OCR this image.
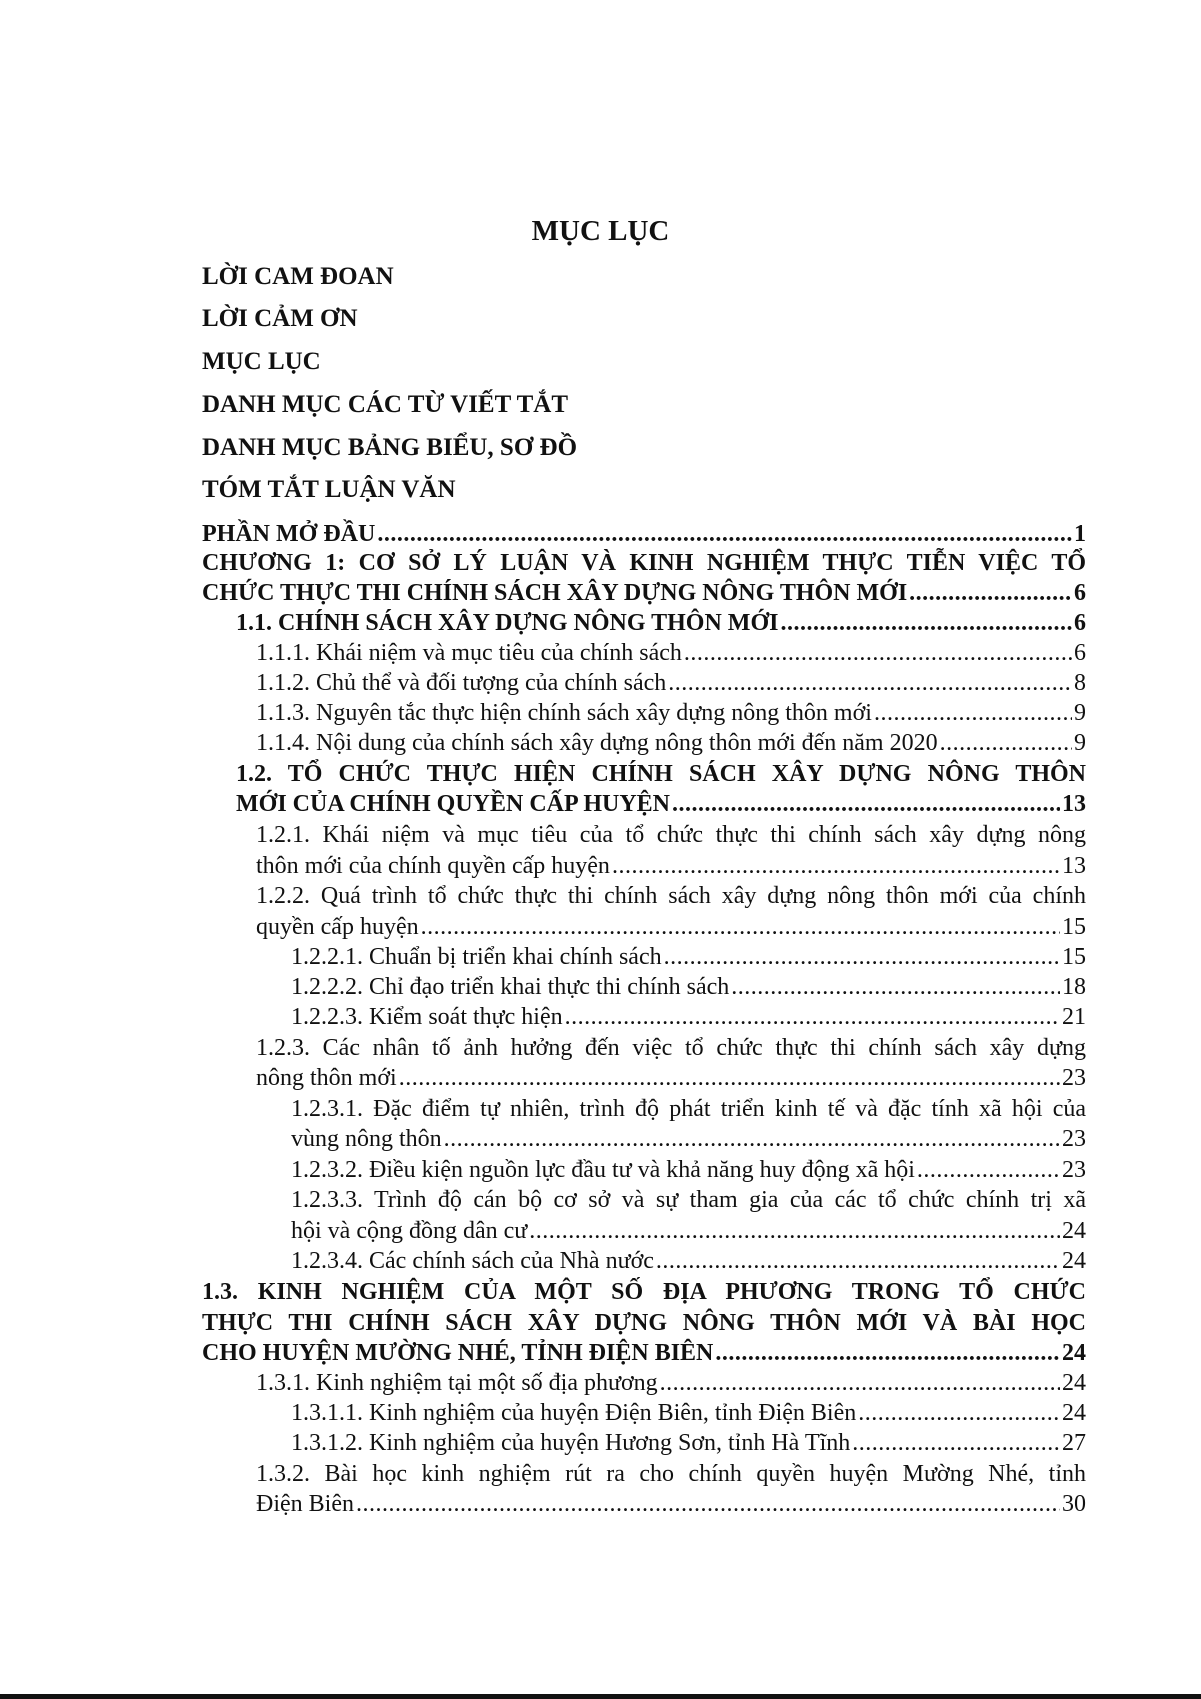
MỤC LỤC
LỜI CAM ĐOAN
LỜI CẢM ƠN
MỤC LỤC
DANH MỤC CÁC TỪ VIẾT TẮT
DANH MỤC BẢNG BIỂU, SƠ ĐỒ
TÓM TẮT LUẬN VĂN
PHẦN MỞ ĐẦU .....	1
CHƯƠNG 1: CƠ SỞ LÝ LUẬN VÀ KINH NGHIỆM THỰC TIỄN VIỆC TỔ
CHỨC THỰC THI CHÍNH SÁCH XÂY DỰNG NÔNG THÔN MỚI .....	6
1.1. CHÍNH SÁCH XÂY DỰNG NÔNG THÔN MỚI .....	6
1.1.1. Khái niệm và mục tiêu của chính sách .....	6
1.1.2. Chủ thể và đối tượng của chính sách .....	8
1.1.3. Nguyên tắc thực hiện chính sách xây dựng nông thôn mới .....	9
1.1.4. Nội dung của chính sách xây dựng nông thôn mới đến năm 2020 .....	9
1.2. TỔ CHỨC THỰC HIỆN CHÍNH SÁCH XÂY DỰNG NÔNG THÔN
MỚI CỦA CHÍNH QUYỀN CẤP HUYỆN .....	13
1.2.1. Khái niệm và mục tiêu của tổ chức thực thi chính sách xây dựng nông
thôn mới của chính quyền cấp huyện .....	13
1.2.2. Quá trình tổ chức thực thi chính sách xây dựng nông thôn mới của chính
quyền cấp huyện .....	15
1.2.2.1. Chuẩn bị triển khai chính sách .....	15
1.2.2.2. Chỉ đạo triển khai thực thi chính sách .....	18
1.2.2.3. Kiểm soát thực hiện .....	21
1.2.3. Các nhân tố ảnh hưởng đến việc tổ chức thực thi chính sách xây dựng
nông thôn mới .....	23
1.2.3.1. Đặc điểm tự nhiên, trình độ phát triển kinh tế và đặc tính xã hội của
vùng nông thôn .....	23
1.2.3.2. Điều kiện nguồn lực đầu tư và khả năng huy động xã hội .....	23
1.2.3.3. Trình độ cán bộ cơ sở và sự tham gia của các tổ chức chính trị xã
hội và cộng đồng dân cư .....	24
1.2.3.4. Các chính sách của Nhà nước .....	24
1.3. KINH NGHIỆM CỦA MỘT SỐ ĐỊA PHƯƠNG TRONG TỔ CHỨC
THỰC THI CHÍNH SÁCH XÂY DỰNG NÔNG THÔN MỚI VÀ BÀI HỌC
CHO HUYỆN MƯỜNG NHÉ, TỈNH ĐIỆN BIÊN .....	24
1.3.1. Kinh nghiệm tại một số địa phương .....	24
1.3.1.1. Kinh nghiệm của huyện Điện Biên, tỉnh Điện Biên .....	24
1.3.1.2. Kinh nghiệm của huyện Hương Sơn, tỉnh Hà Tĩnh .....	27
1.3.2. Bài học kinh nghiệm rút ra cho chính quyền huyện Mường Nhé, tỉnh
Điện Biên .....	30
